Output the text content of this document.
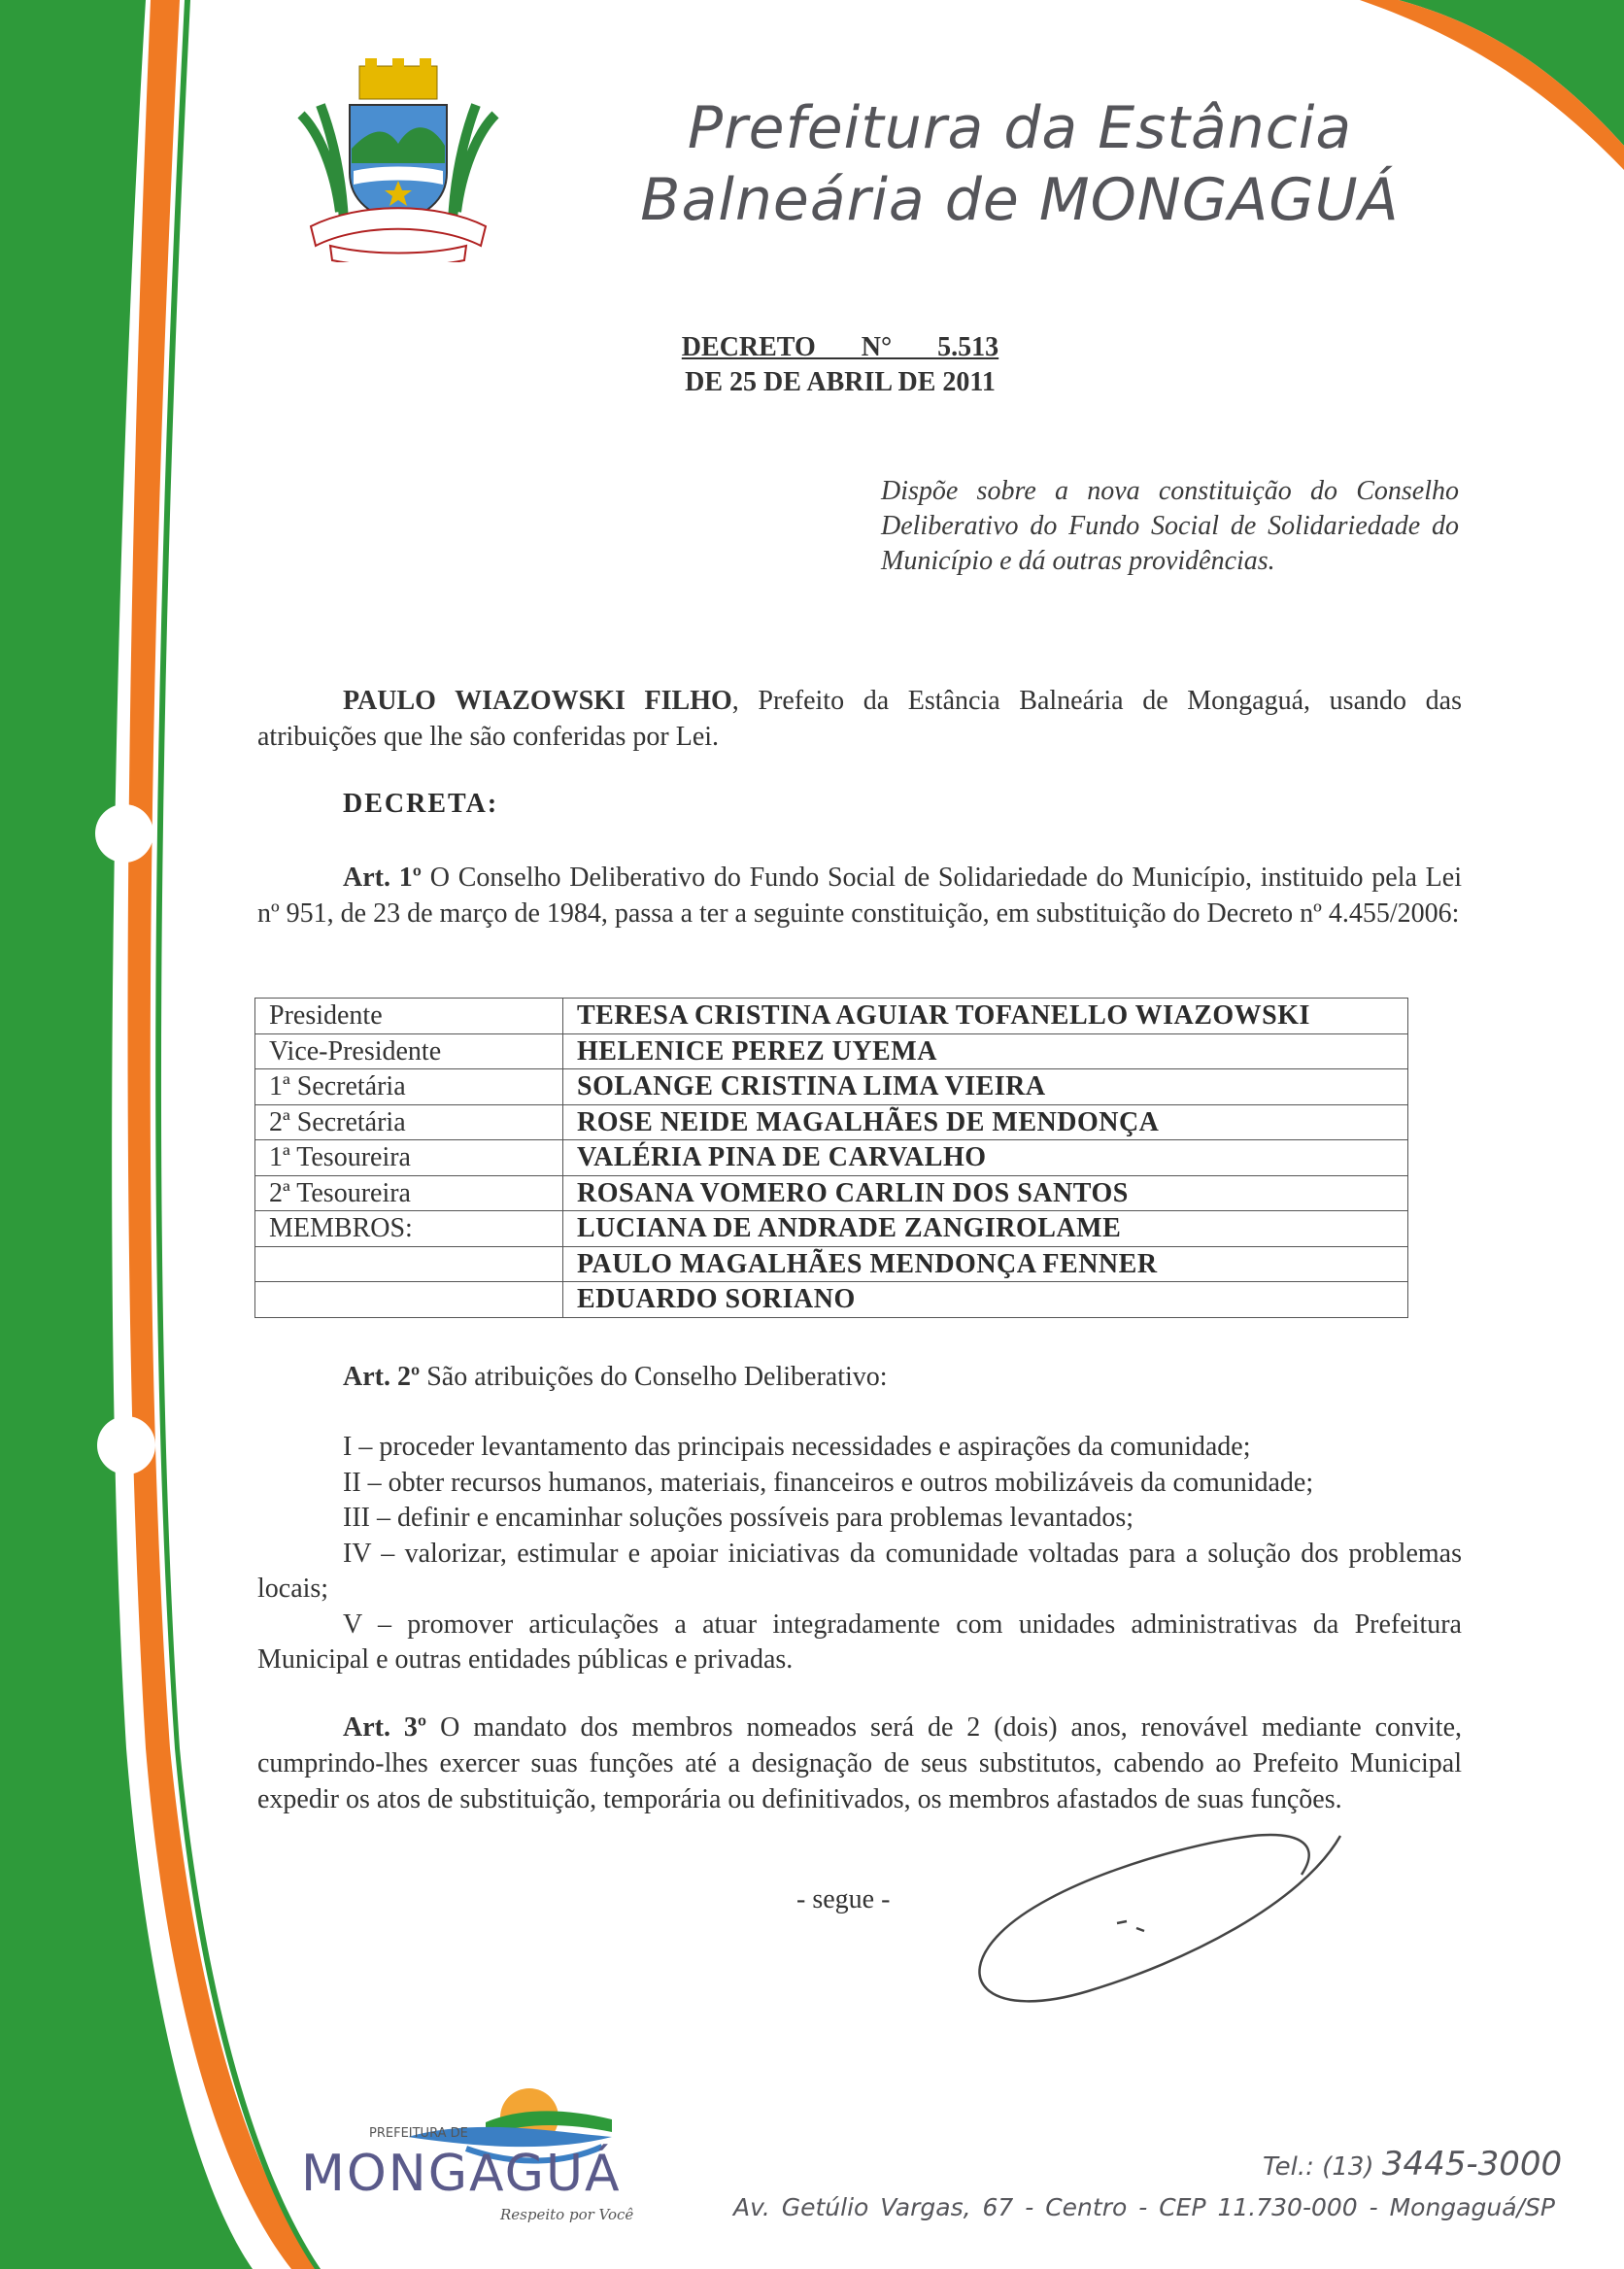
Prefeitura da Estância
Balneária de MONGAGUÁ
DECRETO N° 5.513
DE 25 DE ABRIL DE 2011
Dispõe sobre a nova constituição do Conselho Deliberativo do Fundo Social de Solidariedade do Município e dá outras providências.
PAULO WIAZOWSKI FILHO, Prefeito da Estância Balneária de Mongaguá, usando das atribuições que lhe são conferidas por Lei.
DECRETA:
Art. 1º O Conselho Deliberativo do Fundo Social de Solidariedade do Município, instituido pela Lei nº 951, de 23 de março de 1984, passa a ter a seguinte constituição, em substituição do Decreto nº 4.455/2006:
Presidente	TERESA CRISTINA AGUIAR TOFANELLO WIAZOWSKI
Vice-Presidente	HELENICE PEREZ UYEMA
1ª Secretária	SOLANGE CRISTINA LIMA VIEIRA
2ª Secretária	ROSE NEIDE MAGALHÃES DE MENDONÇA
1ª Tesoureira	VALÉRIA PINA DE CARVALHO
2ª Tesoureira	ROSANA VOMERO CARLIN DOS SANTOS
MEMBROS:	LUCIANA DE ANDRADE ZANGIROLAME
	PAULO MAGALHÃES MENDONÇA FENNER
	EDUARDO SORIANO
Art. 2º São atribuições do Conselho Deliberativo:

I – proceder levantamento das principais necessidades e aspirações da comunidade;

II – obter recursos humanos, materiais, financeiros e outros mobilizáveis da comunidade;

III – definir e encaminhar soluções possíveis para problemas levantados;

IV – valorizar, estimular e apoiar iniciativas da comunidade voltadas para a solução dos problemas locais;

V – promover articulações a atuar integradamente com unidades administrativas da Prefeitura Municipal e outras entidades públicas e privadas.

Art. 3º O mandato dos membros nomeados será de 2 (dois) anos, renovável mediante convite, cumprindo-lhes exercer suas funções até a designação de seus substitutos, cabendo ao Prefeito Municipal expedir os atos de substituição, temporária ou definitivados, os membros afastados de suas funções.
- segue -
PREFEITURA DE
MONGAGUÁ
Respeito por Você
Tel.: (13) 3445-3000
Av. Getúlio Vargas, 67 - Centro - CEP 11.730-000 - Mongaguá/SP
